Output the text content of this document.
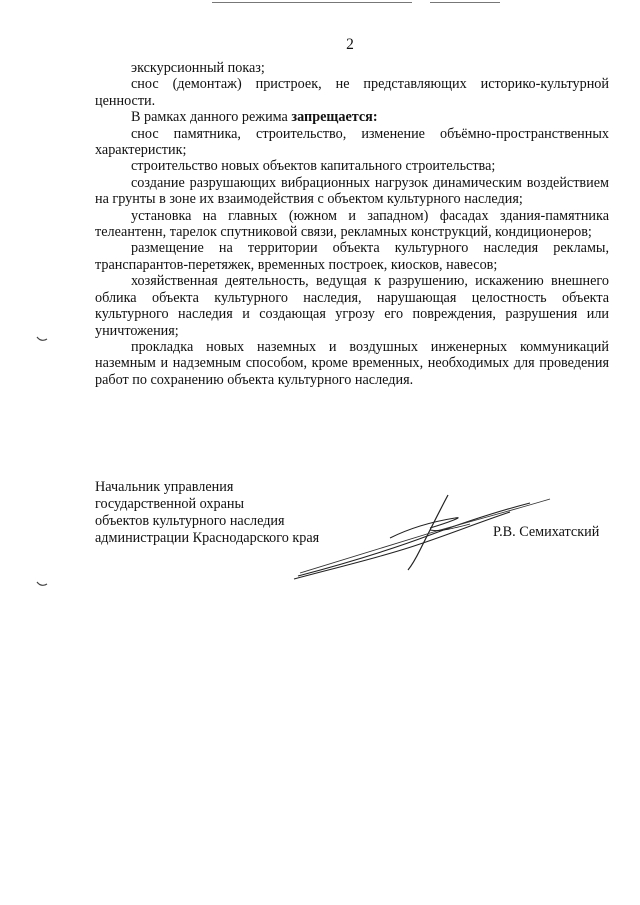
2

экскурсионный показ;

снос (демонтаж) пристроек, не представляющих историко-культурной ценности.

В рамках данного режима запрещается:

снос памятника, строительство, изменение объёмно-пространственных характеристик;

строительство новых объектов капитального строительства;

создание разрушающих вибрационных нагрузок динамическим воздействием на грунты в зоне их взаимодействия с объектом культурного наследия;

установка на главных (южном и западном) фасадах здания-памятника телеантенн, тарелок спутниковой связи, рекламных конструкций, кондиционеров;

размещение на территории объекта культурного наследия рекламы, транспарантов-перетяжек, временных построек, киосков, навесов;

хозяйственная деятельность, ведущая к разрушению, искажению внешнего облика объекта культурного наследия, нарушающая целостность объекта культурного наследия и создающая угрозу его повреждения, разрушения или уничтожения;

прокладка новых наземных и воздушных инженерных коммуникаций наземным и надземным способом, кроме временных, необходимых для проведения работ по сохранению объекта культурного наследия.

Начальник управления
государственной охраны
объектов культурного наследия
администрации Краснодарского края	Р.В. Семихатский
